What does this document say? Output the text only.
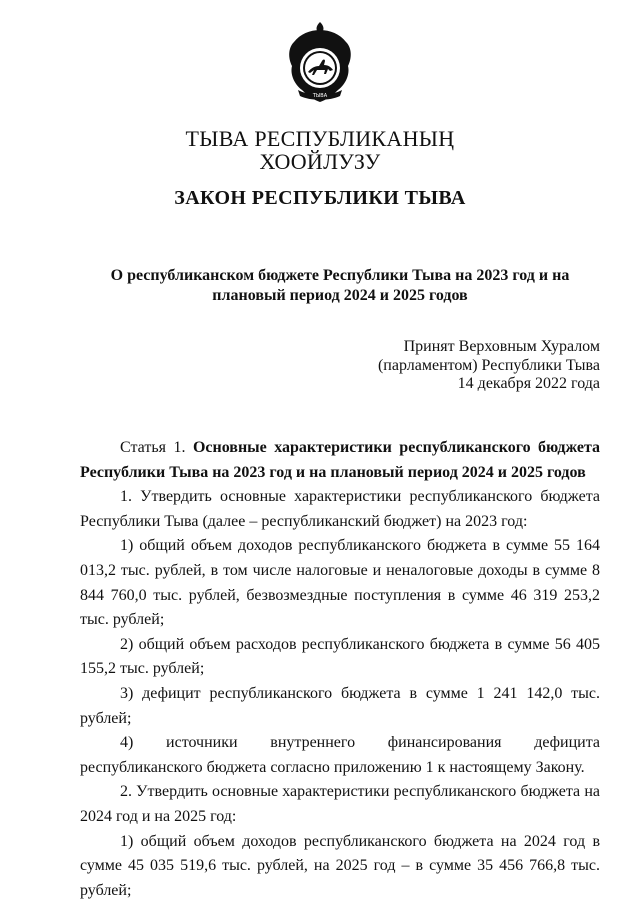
ТЫВА
ТЫВА РЕСПУБЛИКАНЫҢ
ХООЙЛУЗУ
ЗАКОН РЕСПУБЛИКИ ТЫВА
О республиканском бюджете Республики Тыва на 2023 год и на плановый период 2024 и 2025 годов
Принят Верховным Хуралом
(парламентом) Республики Тыва
14 декабря 2022 года

Статья 1. Основные характеристики республиканского бюджета Республики Тыва на 2023 год и на плановый период 2024 и 2025 годов

1. Утвердить основные характеристики республиканского бюджета Республики Тыва (далее – республиканский бюджет) на 2023 год:

1) общий объем доходов республиканского бюджета в сумме 55 164 013,2 тыс. рублей, в том числе налоговые и неналоговые доходы в сумме 8 844 760,0 тыс. рублей, безвозмездные поступления в сумме 46 319 253,2 тыс. рублей;

2) общий объем расходов республиканского бюджета в сумме 56 405 155,2 тыс. рублей;

3) дефицит республиканского бюджета в сумме 1 241 142,0 тыс. рублей;

4) источники внутреннего финансирования дефицита республиканского бюджета согласно приложению 1 к настоящему Закону.

2. Утвердить основные характеристики республиканского бюджета на 2024 год и на 2025 год:

1) общий объем доходов республиканского бюджета на 2024 год в сумме 45 035 519,6 тыс. рублей, на 2025 год – в сумме 35 456 766,8 тыс. рублей;
